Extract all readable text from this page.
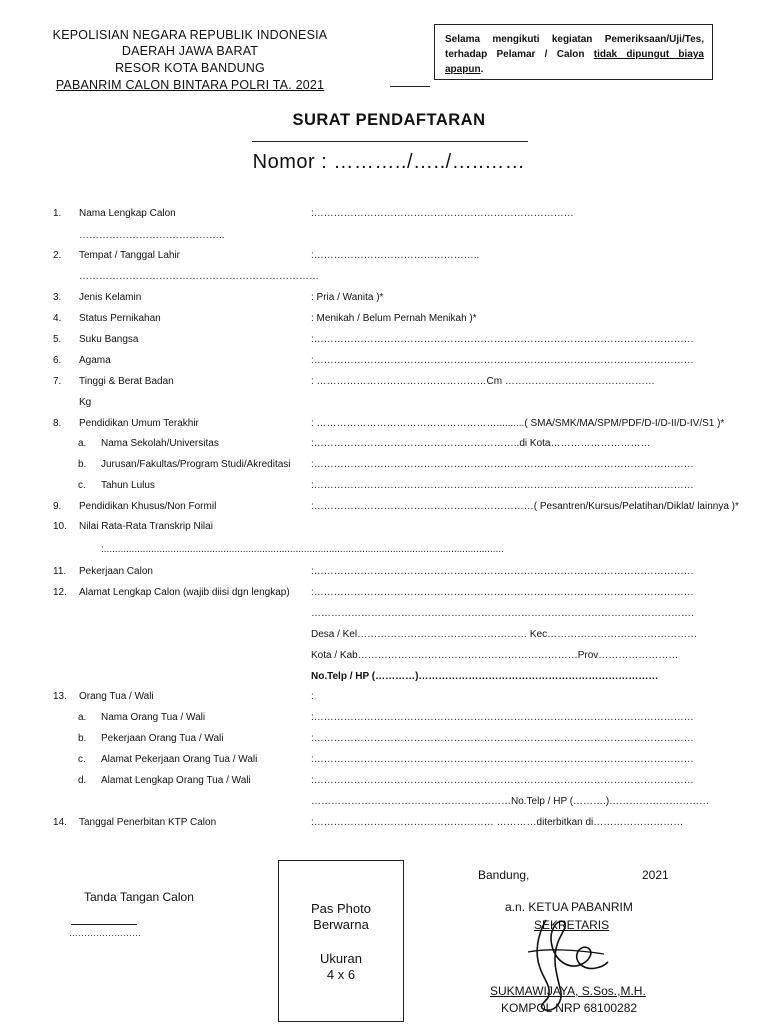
KEPOLISIAN NEGARA REPUBLIK INDONESIA
DAERAH JAWA BARAT
RESOR KOTA BANDUNG
PABANRIM CALON BINTARA POLRI TA. 2021
Selama mengikuti kegiatan Pemeriksaan/Uji/Tes, terhadap Pelamar / Calon tidak dipungut biaya apapun.
SURAT PENDAFTARAN
Nomor : ………../…../…..……
1. Nama Lengkap Calon	:……………………………………………………………………
……………………………………..
2. Tempat / Tanggal Lahir	:…………………………………………..
………………………………………………………………
3. Jenis Kelamin	: Pria / Wanita )*
4. Status Pernikahan	: Menikah / Belum Pernah Menikah )*
5. Suku Bangsa	:……………………………………………………………………………………………………
6. Agama	:……………………………………………………………………………………………………
7. Tinggi & Berat Badan	: ……………………………………………Cm ………………………………………
Kg
8. Pendidikan Umum Terakhir	: ………………………………………………..........( SMA/SMK/MA/SPM/PDF/D-I/D-II/D-IV/S1 )*
a. Nama Sekolah/Universitas	:……………………………………………………..di Kota…………………………
b. Jurusan/Fakultas/Program Studi/Akreditasi :……………………………………………………………………………………………………
c. Tahun Lulus	:……………………………………………………………………………………………………
9. Pendidikan Khusus/Non Formil	:…………………………………………………………( Pesantren/Kursus/Pelatihan/Diklat/ lainnya )*
10. Nilai Rata-Rata Transkrip Nilai
:................................................................................................................................................
11. Pekerjaan Calon	:……………………………………………………………………………………………………
12. Alamat Lengkap Calon (wajib diisi dgn lengkap) :……………………………………………………………………………………………………
…………………………………………………………………………………………………….
Desa / Kel…………………………………………… Kec………………………………………
Kota / Kab…………………………………………………………Prov……………………
No.Telp / HP (…………)………………………………………………………………
13. Orang Tua / Wali	:
a. Nama Orang Tua / Wali	:……………………………………………………………………………………………………
b. Pekerjaan Orang Tua / Wali	:……………………………………………………………………………………………………
c. Alamat Pekerjaan Orang Tua / Wali	:……………………………………………………………………………………………………
d. Alamat Lengkap Orang Tua / Wali	:……………………………………………………………………………………………………
……………………………………………………No.Telp / HP (……….)…………………………
14. Tanggal Penerbitan KTP Calon	:……………………………………………… …………diterbitkan di………………………
Tanda Tangan Calon
……………………
Pas Photo
Berwarna
Ukuran
4 x 6
Bandung,	2021
a.n. KETUA PABANRIM
SEKRETARIS
SUKMAWIJAYA, S.Sos.,M.H.
KOMPOL NRP 68100282
